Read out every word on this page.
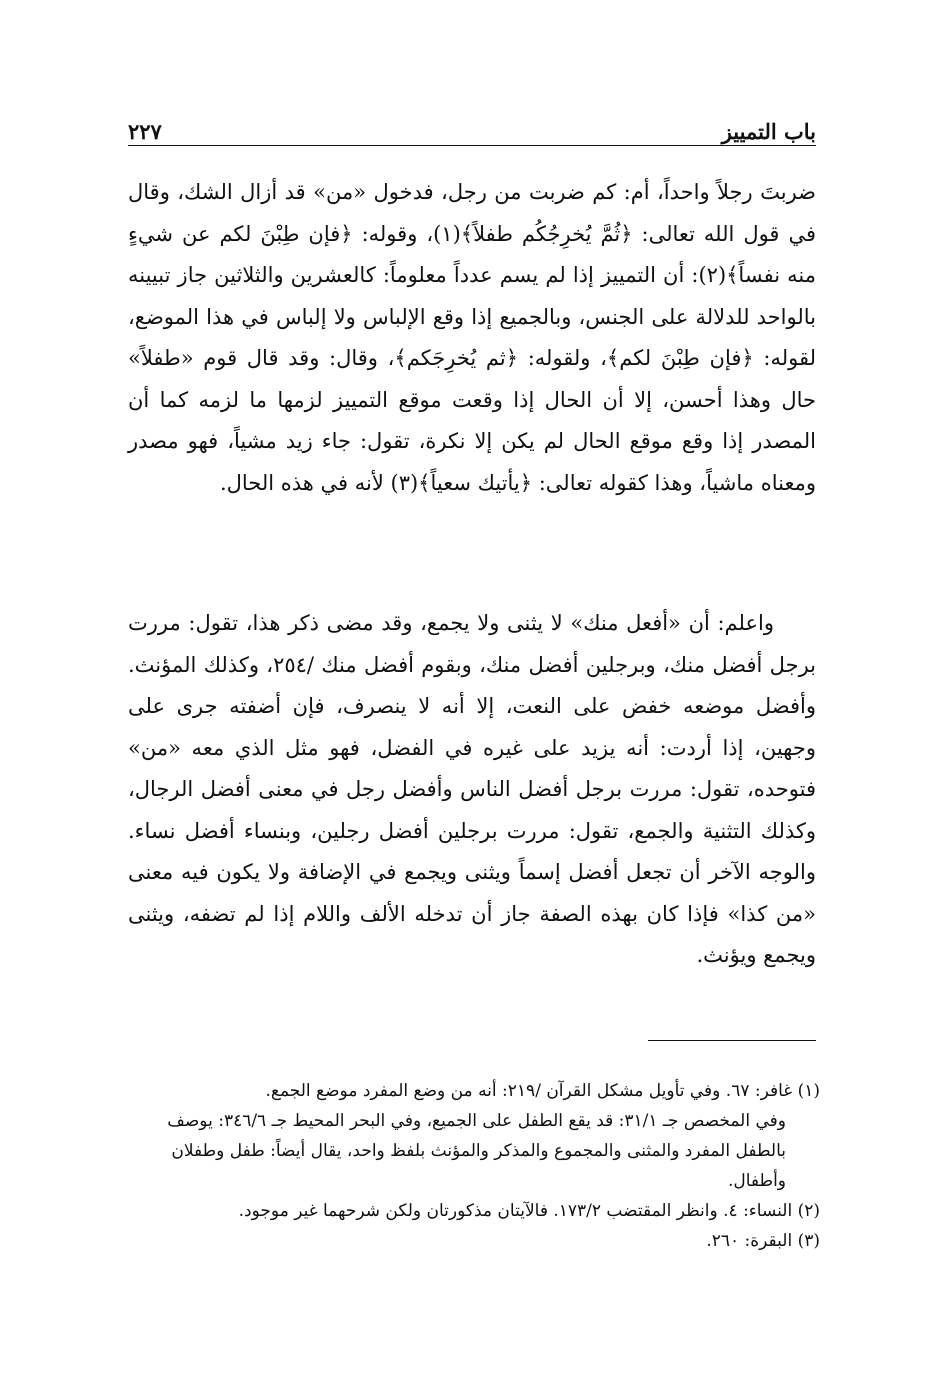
باب التمييز
٢٢٧
ضربتَ رجلاً واحداً، أم: كم ضربت من رجل، فدخول «من» قد أزال الشك، وقال في قول الله تعالى: ﴿ثُمَّ يُخرِجُكُم طفلاً﴾(١)، وقوله: ﴿فإن طِبْنَ لكم عن شيءٍ منه نفساً﴾(٢): أن التمييز إذا لم يسم عدداً معلوماً: كالعشرين والثلاثين جاز تبيينه بالواحد للدلالة على الجنس، وبالجميع إذا وقع الإلباس ولا إلباس في هذا الموضع، لقوله: ﴿فإن طِبْنَ لكم﴾، ولقوله: ﴿ثم يُخرِجَكم﴾، وقال: وقد قال قوم «طفلاً» حال وهذا أحسن، إلا أن الحال إذا وقعت موقع التمييز لزمها ما لزمه كما أن المصدر إذا وقع موقع الحال لم يكن إلا نكرة، تقول: جاء زيد مشياً، فهو مصدر ومعناه ماشياً، وهذا كقوله تعالى: ﴿يأتيك سعياً﴾(٣) لأنه في هذه الحال.
واعلم: أن «أفعل منك» لا يثنى ولا يجمع، وقد مضى ذكر هذا، تقول: مررت برجل أفضل منك، وبرجلين أفضل منك، وبقوم أفضل منك /٢٥٤، وكذلك المؤنث. وأفضل موضعه خفض على النعت، إلا أنه لا ينصرف، فإن أضفته جرى على وجهين، إذا أردت: أنه يزيد على غيره في الفضل، فهو مثل الذي معه «من» فتوحده، تقول: مررت برجل أفضل الناس وأفضل رجل في معنى أفضل الرجال، وكذلك التثنية والجمع، تقول: مررت برجلين أفضل رجلين، وبنساء أفضل نساء. والوجه الآخر أن تجعل أفضل إسماً ويثنى ويجمع في الإضافة ولا يكون فيه معنى «من كذا» فإذا كان بهذه الصفة جاز أن تدخله الألف واللام إذا لم تضفه، ويثنى ويجمع ويؤنث.

(١) غافر: ٦٧. وفي تأويل مشكل القرآن /٢١٩: أنه من وضع المفرد موضع الجمع.

وفي المخصص جـ ٣١/١: قد يقع الطفل على الجميع، وفي البحر المحيط جـ ٣٤٦/٦: يوصف بالطفل المفرد والمثنى والمجموع والمذكر والمؤنث بلفظ واحد، يقال أيضاً: طفل وطفلان وأطفال.

(٢) النساء: ٤. وانظر المقتضب ١٧٣/٢. فالآيتان مذكورتان ولكن شرحهما غير موجود.

(٣) البقرة: ٢٦٠.
